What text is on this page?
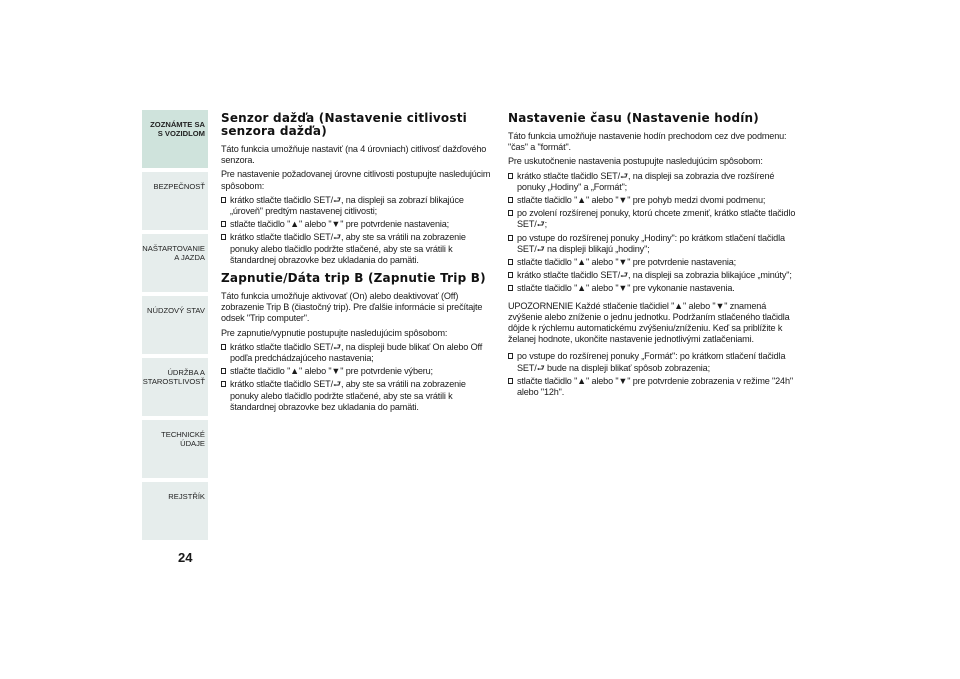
ZOZNÁMTE SA S VOZIDLOM
BEZPEČNOSŤ
NAŠTARTOVANIE A JAZDA
NÚDZOVÝ STAV
ÚDRŽBA A STAROSTLIVOSŤ
TECHNICKÉ ÚDAJE
REJSTŘÍK
24
Senzor dažďa (Nastavenie citlivosti senzora dažďa)

Táto funkcia umožňuje nastaviť (na 4 úrovniach) citlivosť dažďového senzora.

Pre nastavenie požadovanej úrovne citlivosti postupujte nasledujúcim spôsobom:

krátko stlačte tlačidlo SET/⮐, na displeji sa zobrazí blikajúce „úroveň" predtým nastavenej citlivosti;
stlačte tlačidlo "▲" alebo "▼" pre potvrdenie nastavenia;
krátko stlačte tlačidlo SET/⮐, aby ste sa vrátili na zobrazenie ponuky alebo tlačidlo podržte stlačené, aby ste sa vrátili k štandardnej obrazovke bez ukladania do pamäti.
Zapnutie/Dáta trip B (Zapnutie Trip B)

Táto funkcia umožňuje aktivovať (On) alebo deaktivovať (Off) zobrazenie Trip B (čiastočný trip). Pre ďalšie informácie si prečítajte odsek "Trip computer".

Pre zapnutie/vypnutie postupujte nasledujúcim spôsobom:

krátko stlačte tlačidlo SET/⮐, na displeji bude blikať On alebo Off podľa predchádzajúceho nastavenia;
stlačte tlačidlo "▲" alebo "▼" pre potvrdenie výberu;
krátko stlačte tlačidlo SET/⮐, aby ste sa vrátili na zobrazenie ponuky alebo tlačidlo podržte stlačené, aby ste sa vrátili k štandardnej obrazovke bez ukladania do pamäti.
Nastavenie času (Nastavenie hodín)

Táto funkcia umožňuje nastavenie hodín prechodom cez dve podmenu: "čas" a "formát".

Pre uskutočnenie nastavenia postupujte nasledujúcim spôsobom:

krátko stlačte tlačidlo SET/⮐, na displeji sa zobrazia dve rozšírené ponuky „Hodiny" a „Formát";
stlačte tlačidlo "▲" alebo "▼" pre pohyb medzi dvomi podmenu;
po zvolení rozšírenej ponuky, ktorú chcete zmeniť, krátko stlačte tlačidlo SET/⮐;
po vstupe do rozšírenej ponuky „Hodiny": po krátkom stlačení tlačidla SET/⮐ na displeji blikajú „hodiny";
stlačte tlačidlo "▲" alebo "▼" pre potvrdenie nastavenia;
krátko stlačte tlačidlo SET/⮐, na displeji sa zobrazia blikajúce „minúty";
stlačte tlačidlo "▲" alebo "▼" pre vykonanie nastavenia.

UPOZORNENIE Každé stlačenie tlačidiel "▲" alebo "▼" znamená zvýšenie alebo zníženie o jednu jednotku. Podržaním stlačeného tlačidla dôjde k rýchlemu automatickému zvýšeniu/zníženiu. Keď sa priblížite k želanej hodnote, ukončite nastavenie jednotlivými zatlačeniami.

po vstupe do rozšírenej ponuky „Formát": po krátkom stlačení tlačidla SET/⮐ bude na displeji blikať spôsob zobrazenia;
stlačte tlačidlo "▲" alebo "▼" pre potvrdenie zobrazenia v režime "24h" alebo "12h".
